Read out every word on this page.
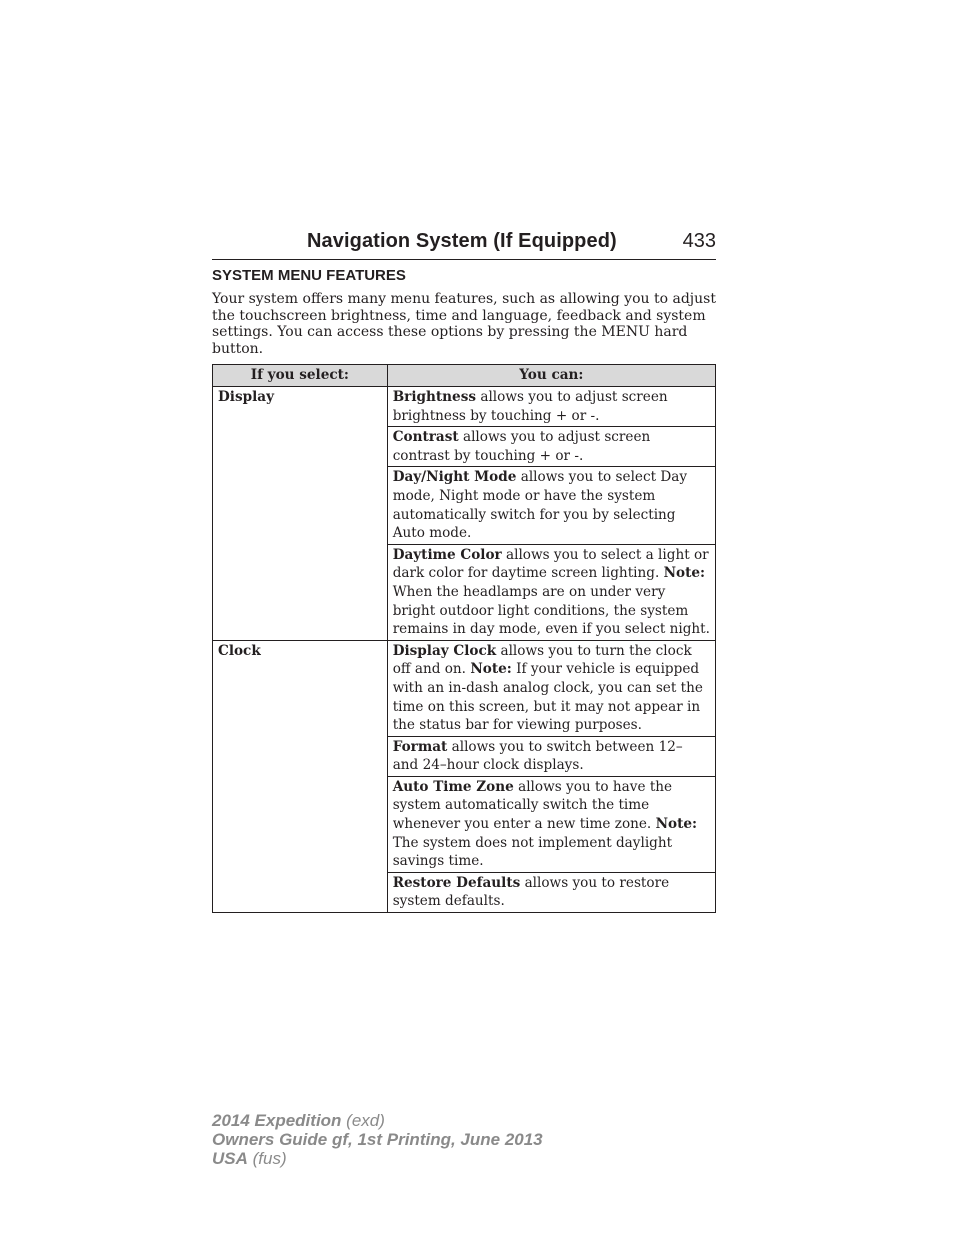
Navigation System (If Equipped)	433
SYSTEM MENU FEATURES

Your system offers many menu features, such as allowing you to adjust the touchscreen brightness, time and language, feedback and system settings. You can access these options by pressing the MENU hard button.

If you select:	You can:
Display	Brightness allows you to adjust screen brightness by touching + or -.
	Contrast allows you to adjust screen contrast by touching + or -.
	Day/Night Mode allows you to select Day mode, Night mode or have the system automatically switch for you by selecting Auto mode.
	Daytime Color allows you to select a light or dark color for daytime screen lighting. Note: When the headlamps are on under very bright outdoor light conditions, the system remains in day mode, even if you select night.
Clock	Display Clock allows you to turn the clock off and on. Note: If your vehicle is equipped with an in-dash analog clock, you can set the time on this screen, but it may not appear in the status bar for viewing purposes.
	Format allows you to switch between 12– and 24–hour clock displays.
	Auto Time Zone allows you to have the system automatically switch the time whenever you enter a new time zone. Note: The system does not implement daylight savings time.
	Restore Defaults allows you to restore system defaults.
2014 Expedition (exd)
Owners Guide gf, 1st Printing, June 2013
USA (fus)
